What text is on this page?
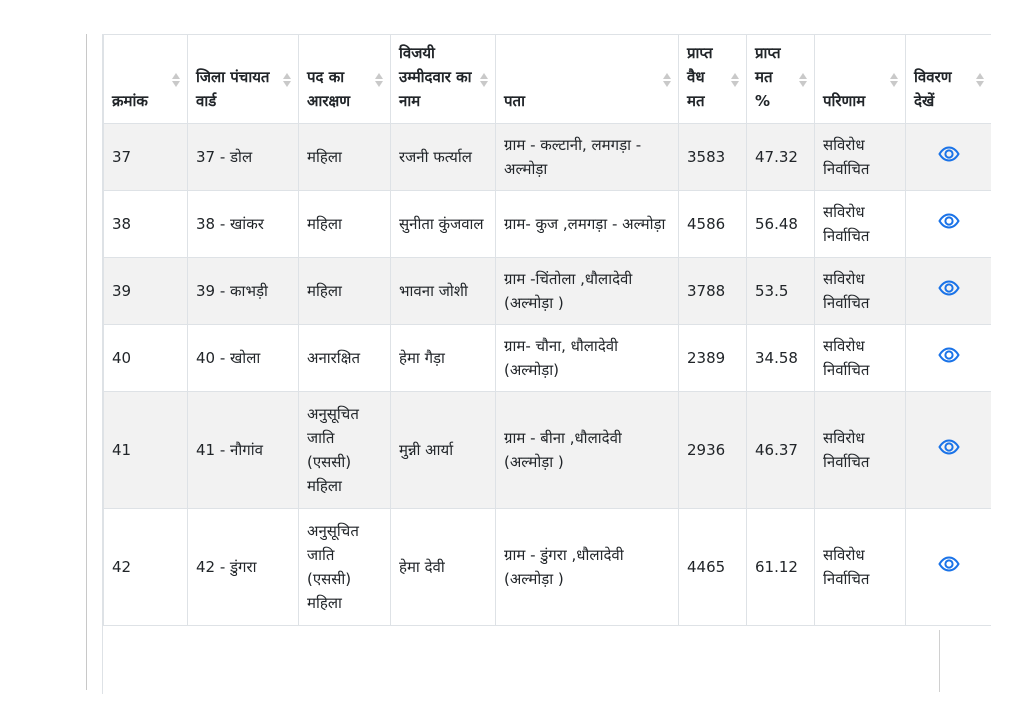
क्रमांक	जिला पंचायत वार्ड	पद का आरक्षण	विजयी उम्मीदवार का नाम	पता	प्राप्त वैध मत	प्राप्त मत %	परिणाम	विवरण देखें

37	37 - डोल	महिला	रजनी फर्त्याल	ग्राम - कल्टानी, लमगड़ा - अल्मोड़ा	3583	47.32	सविरोध निर्वाचित	
38	38 - खांकर	महिला	सुनीता कुंजवाल	ग्राम- कुज ,लमगड़ा - अल्मोड़ा	4586	56.48	सविरोध निर्वाचित	
39	39 - काभड़ी	महिला	भावना जोशी	ग्राम -चिंतोला ,धौलादेवी (अल्मोड़ा )	3788	53.5	सविरोध निर्वाचित	
40	40 - खोला	अनारक्षित	हेमा गैड़ा	ग्राम- चौना, धौलादेवी (अल्मोड़ा)	2389	34.58	सविरोध निर्वाचित	
41	41 - नौगांव	अनुसूचित जाति (एससी) महिला	मुन्नी आर्या	ग्राम - बीना ,धौलादेवी (अल्मोड़ा )	2936	46.37	सविरोध निर्वाचित	
42	42 - डुंगरा	अनुसूचित जाति (एससी) महिला	हेमा देवी	ग्राम - डुंगरा ,धौलादेवी (अल्मोड़ा )	4465	61.12	सविरोध निर्वाचित	
